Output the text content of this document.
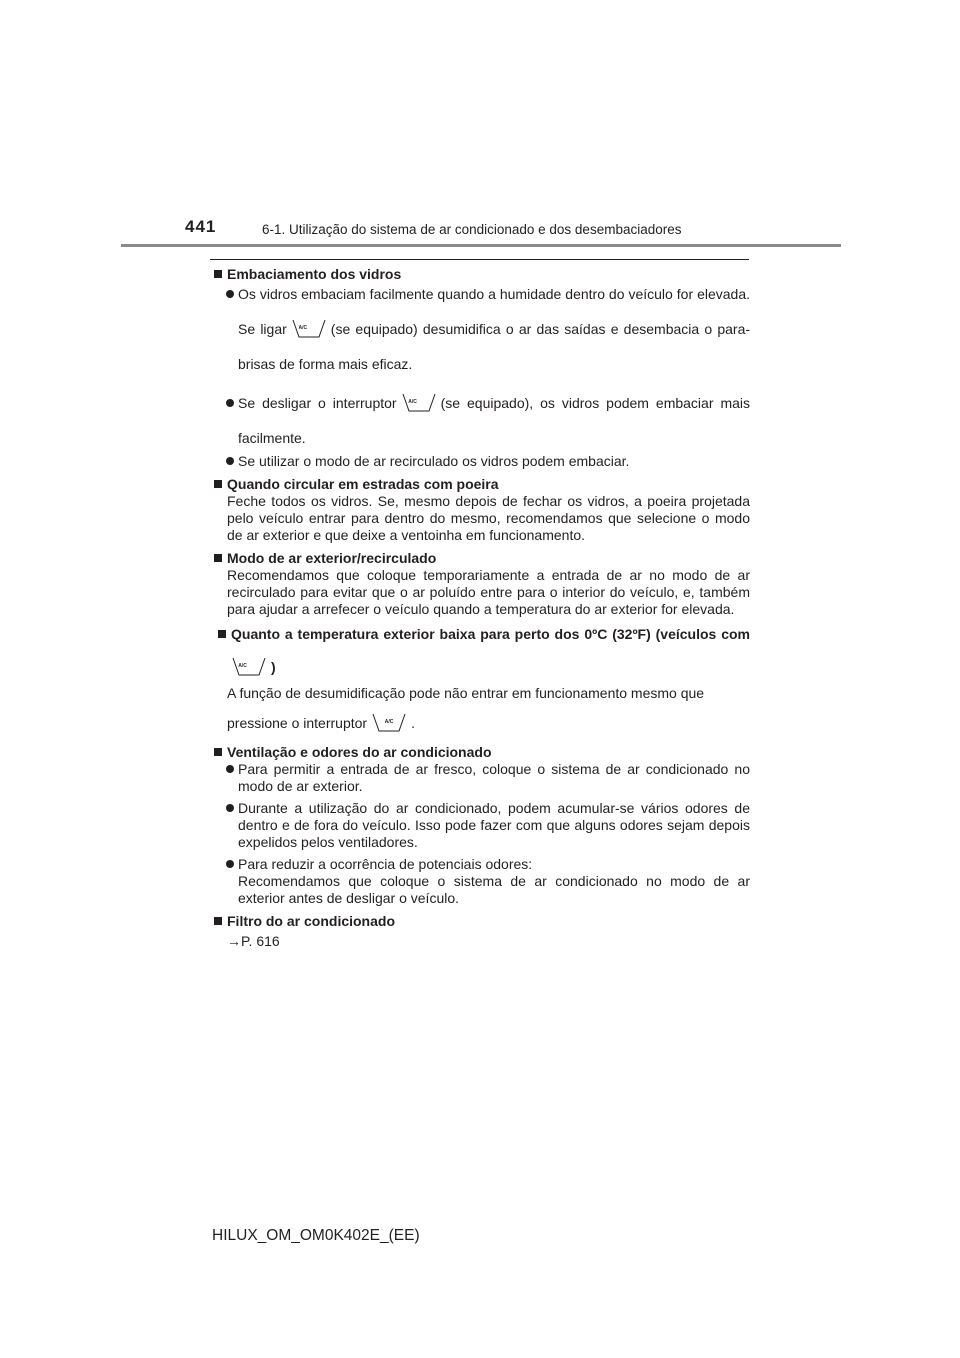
441	6-1. Utilização do sistema de ar condicionado e dos desembaciadores
Embaciamento dos vidros
Os vidros embaciam facilmente quando a humidade dentro do veículo for elevada. Se ligar	A/C	(se equipado) desumidifica o ar das saídas e desembacia o para-brisas de forma mais eficaz.
Se desligar o interruptor	A/C	(se equipado), os vidros podem embaciar mais facilmente.
Se utilizar o modo de ar recirculado os vidros podem embaciar.
Quando circular em estradas com poeira
Feche todos os vidros. Se, mesmo depois de fechar os vidros, a poeira projetada pelo veículo entrar para dentro do mesmo, recomendamos que selecione o modo de ar exterior e que deixe a ventoinha em funcionamento.
Modo de ar exterior/recirculado
Recomendamos que coloque temporariamente a entrada de ar no modo de ar recirculado para evitar que o ar poluído entre para o interior do veículo, e, também para ajudar a arrefecer o veículo quando a temperatura do ar exterior for elevada.
Quanto a temperatura exterior baixa para perto dos 0ºC (32ºF) (veículos com
A/C	)
A função de desumidificação pode não entrar em funcionamento mesmo que pressione o interruptor	A/C	.
Ventilação e odores do ar condicionado
Para permitir a entrada de ar fresco, coloque o sistema de ar condicionado no modo de ar exterior.
Durante a utilização do ar condicionado, podem acumular-se vários odores de dentro e de fora do veículo. Isso pode fazer com que alguns odores sejam depois expelidos pelos ventiladores.
Para reduzir a ocorrência de potenciais odores:
Recomendamos que coloque o sistema de ar condicionado no modo de ar exterior antes de desligar o veículo.
Filtro do ar condicionado
→P. 616
HILUX_OM_OM0K402E_(EE)
